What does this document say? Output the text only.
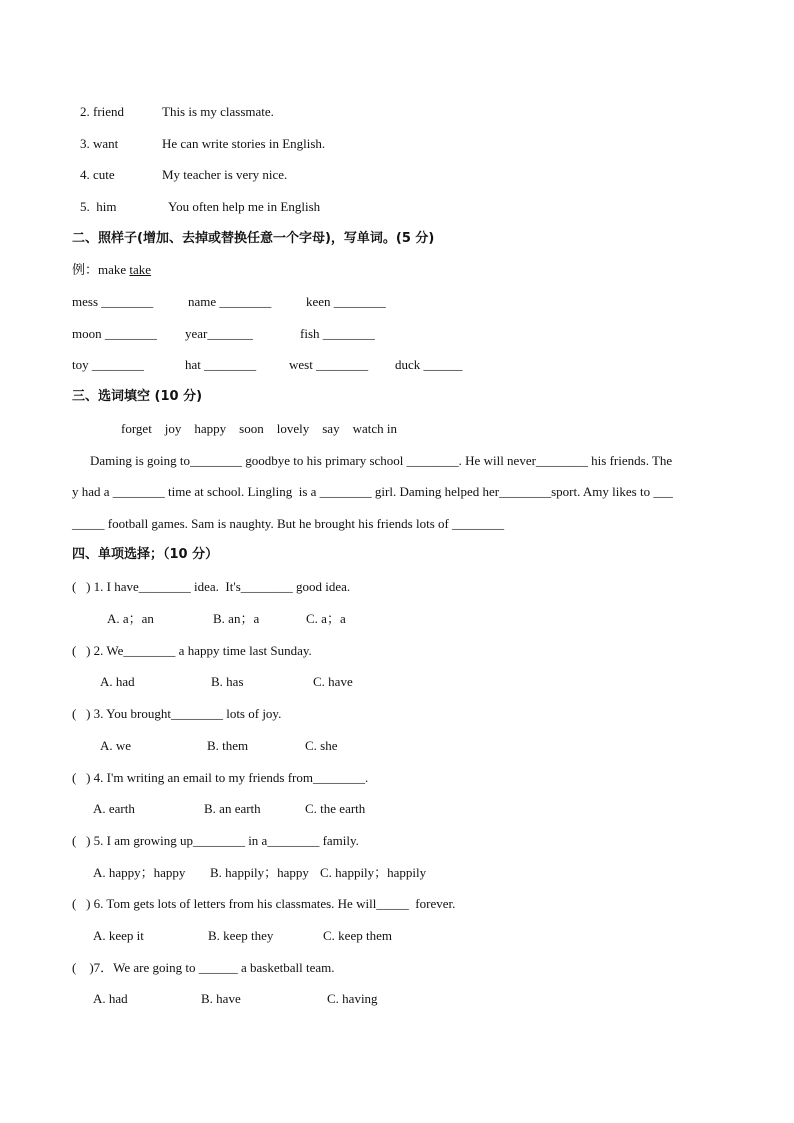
2. friend	This is my classmate.
3. want	He can write stories in English.
4. cute	My teacher is very nice.
5.  him	You often help me in English
二、照样子(增加、去掉或替换任意一个字母)，写单词。(5 分)
例：make take
mess ________	name ________	keen ________
moon ________ year_______	fish ________
toy ________	hat ________	west ________ duck ______
三、选词填空 (10 分)
forget    joy    happy    soon    lovely    say    watch in
Daming is going to________ goodbye to his primary school ________. He will never________ his friends. The
y had a ________ time at school. Lingling  is a ________ girl. Daming helped her________sport. Amy likes to ___
_____ football games. Sam is naughty. But he brought his friends lots of ________
四、单项选择；（10 分）
(   ) 1. I have________ idea.  It's________ good idea.
A. a；an	B. an；a	C. a；a
(   ) 2. We________ a happy time last Sunday.
A. had	B. has	C. have
(   ) 3. You brought________ lots of joy.
A. we	B. them	C. she
(   ) 4. I'm writing an email to my friends from________.
A. earth	B. an earth	C. the earth
(   ) 5. I am growing up________ in a________ family.
A. happy；happy B. happily；happy C. happily；happily
(   ) 6. Tom gets lots of letters from his classmates. He will_____  forever.
A. keep it	B. keep they	C. keep them
(    )7．We are going to ______ a basketball team.
A. had	B. have	C. having
